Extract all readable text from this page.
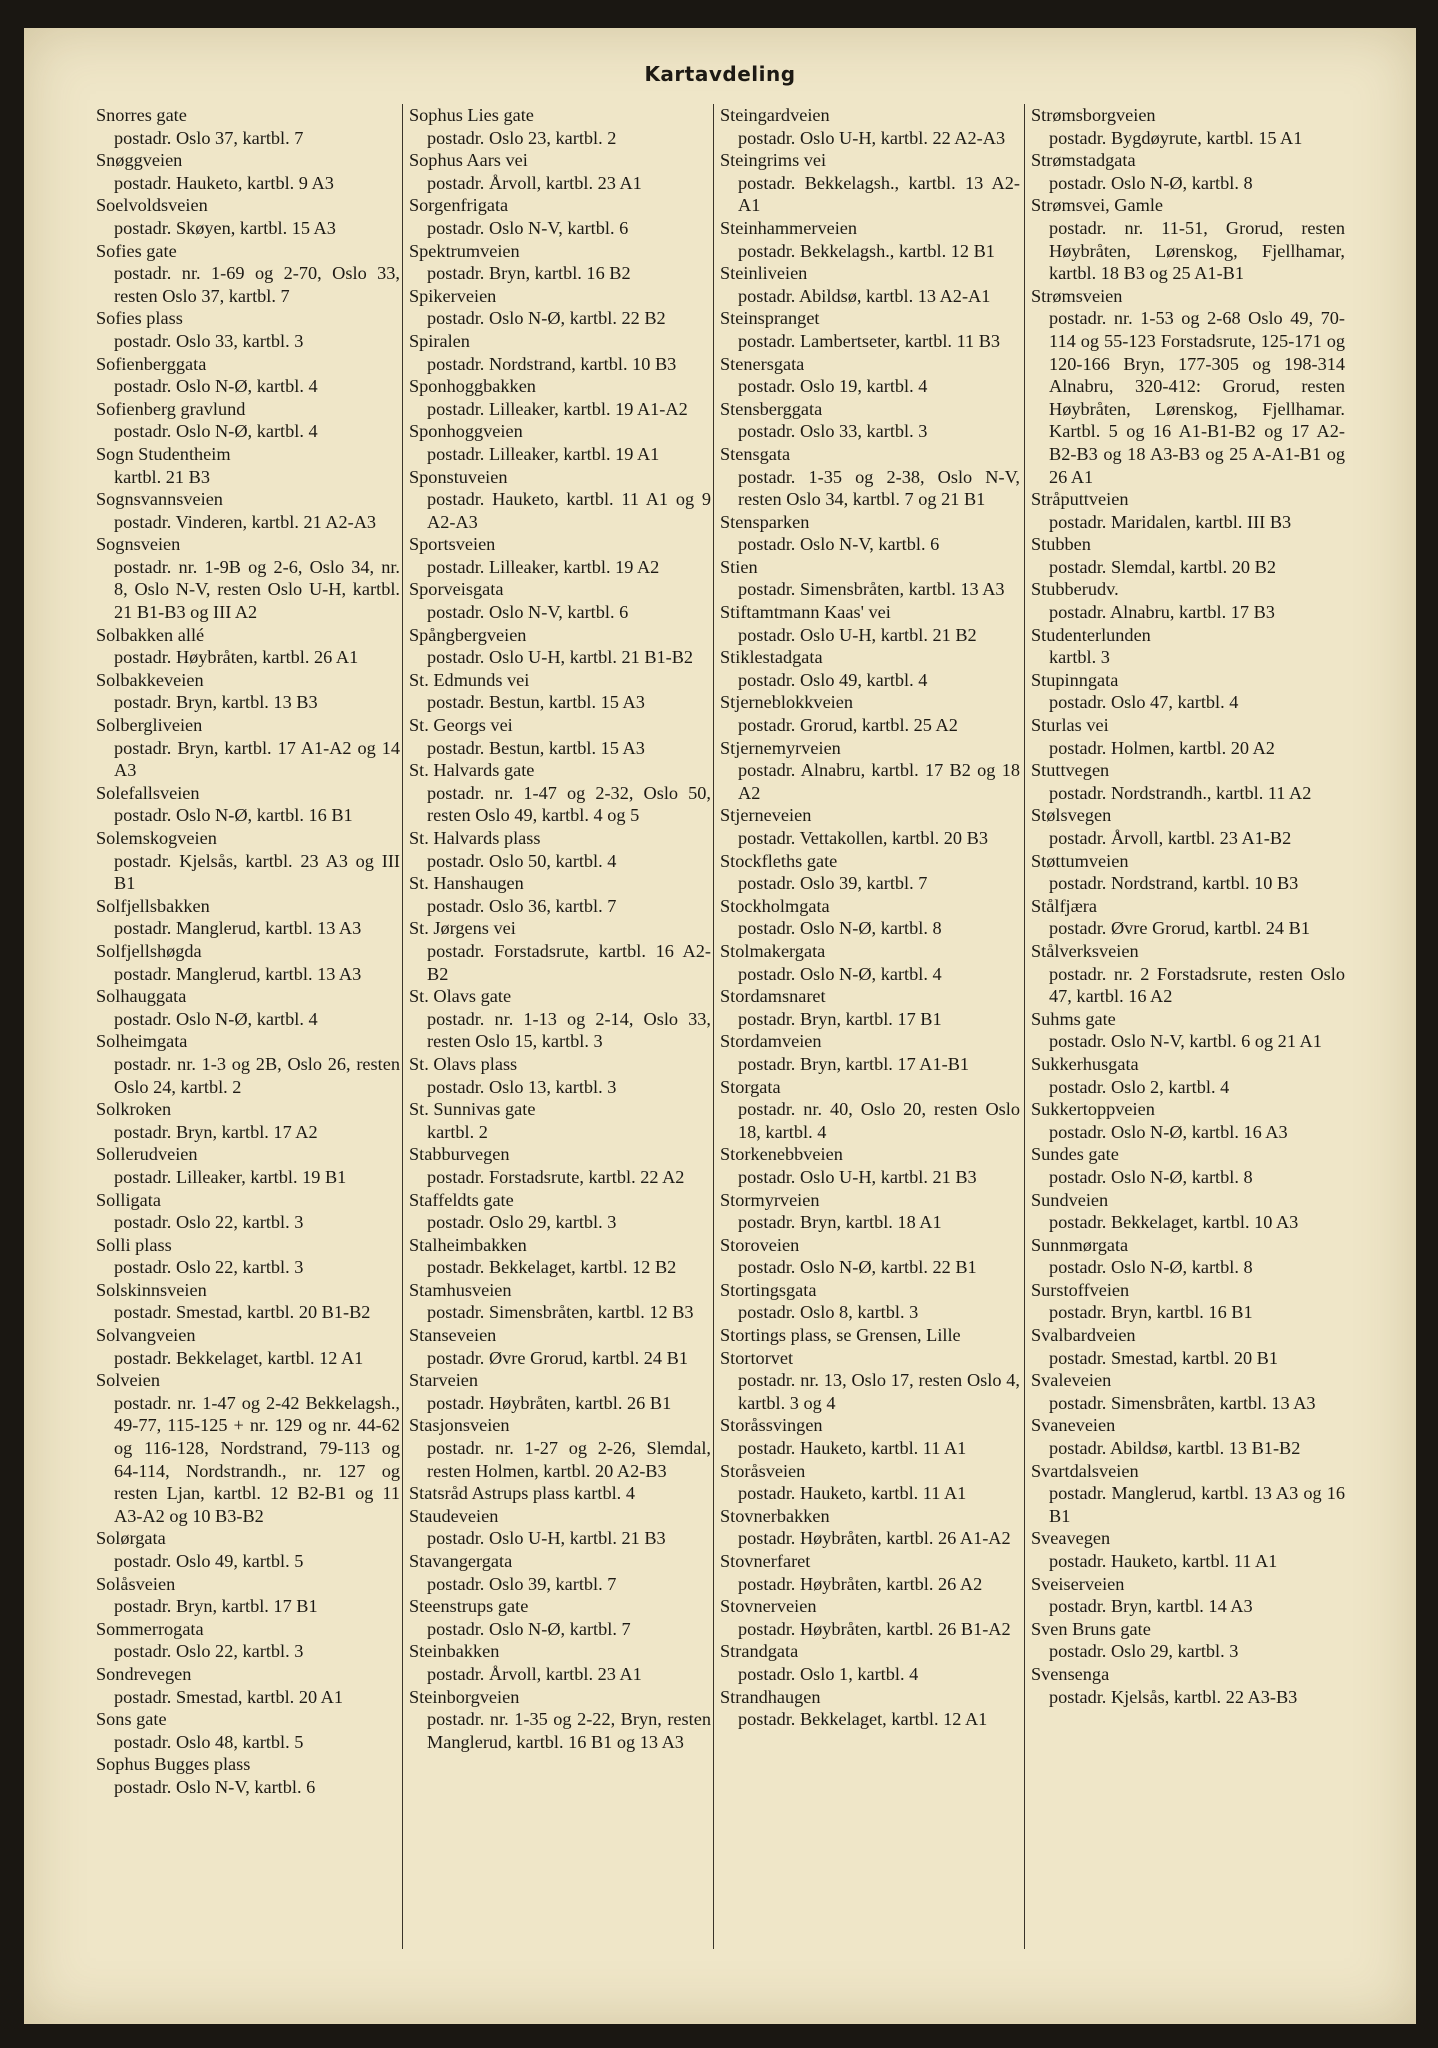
Kartavdeling
Snorres gate
postadr. Oslo 37, kartbl. 7
Snøggveien
postadr. Hauketo, kartbl. 9 A3
Soelvoldsveien
postadr. Skøyen, kartbl. 15 A3
Sofies gate
postadr. nr. 1-69 og 2-70, Oslo 33, resten Oslo 37, kartbl. 7
Sofies plass
postadr. Oslo 33, kartbl. 3
Sofienberggata
postadr. Oslo N-Ø, kartbl. 4
Sofienberg gravlund
postadr. Oslo N-Ø, kartbl. 4
Sogn Studentheim
kartbl. 21 B3
Sognsvannsveien
postadr. Vinderen, kartbl. 21 A2-A3
Sognsveien
postadr. nr. 1-9B og 2-6, Oslo 34, nr. 8, Oslo N-V, resten Oslo U-H, kartbl. 21 B1-B3 og III A2
Solbakken allé
postadr. Høybråten, kartbl. 26 A1
Solbakkeveien
postadr. Bryn, kartbl. 13 B3
Solbergliveien
postadr. Bryn, kartbl. 17 A1-A2 og 14 A3
Solefallsveien
postadr. Oslo N-Ø, kartbl. 16 B1
Solemskogveien
postadr. Kjelsås, kartbl. 23 A3 og III B1
Solfjellsbakken
postadr. Manglerud, kartbl. 13 A3
Solfjellshøgda
postadr. Manglerud, kartbl. 13 A3
Solhauggata
postadr. Oslo N-Ø, kartbl. 4
Solheimgata
postadr. nr. 1-3 og 2B, Oslo 26, resten Oslo 24, kartbl. 2
Solkroken
postadr. Bryn, kartbl. 17 A2
Sollerudveien
postadr. Lilleaker, kartbl. 19 B1
Solligata
postadr. Oslo 22, kartbl. 3
Solli plass
postadr. Oslo 22, kartbl. 3
Solskinnsveien
postadr. Smestad, kartbl. 20 B1-B2
Solvangveien
postadr. Bekkelaget, kartbl. 12 A1
Solveien
postadr. nr. 1-47 og 2-42 Bekkelagsh., 49-77, 115-125 + nr. 129 og nr. 44-62 og 116-128, Nordstrand, 79-113 og 64-114, Nordstrandh., nr. 127 og resten Ljan, kartbl. 12 B2-B1 og 11 A3-A2 og 10 B3-B2
Solørgata
postadr. Oslo 49, kartbl. 5
Solåsveien
postadr. Bryn, kartbl. 17 B1
Sommerrogata
postadr. Oslo 22, kartbl. 3
Sondrevegen
postadr. Smestad, kartbl. 20 A1
Sons gate
postadr. Oslo 48, kartbl. 5
Sophus Bugges plass
postadr. Oslo N-V, kartbl. 6
Sophus Lies gate
postadr. Oslo 23, kartbl. 2
Sophus Aars vei
postadr. Årvoll, kartbl. 23 A1
Sorgenfrigata
postadr. Oslo N-V, kartbl. 6
Spektrumveien
postadr. Bryn, kartbl. 16 B2
Spikerveien
postadr. Oslo N-Ø, kartbl. 22 B2
Spiralen
postadr. Nordstrand, kartbl. 10 B3
Sponhoggbakken
postadr. Lilleaker, kartbl. 19 A1-A2
Sponhoggveien
postadr. Lilleaker, kartbl. 19 A1
Sponstuveien
postadr. Hauketo, kartbl. 11 A1 og 9 A2-A3
Sportsveien
postadr. Lilleaker, kartbl. 19 A2
Sporveisgata
postadr. Oslo N-V, kartbl. 6
Spångbergveien
postadr. Oslo U-H, kartbl. 21 B1-B2
St. Edmunds vei
postadr. Bestun, kartbl. 15 A3
St. Georgs vei
postadr. Bestun, kartbl. 15 A3
St. Halvards gate
postadr. nr. 1-47 og 2-32, Oslo 50, resten Oslo 49, kartbl. 4 og 5
St. Halvards plass
postadr. Oslo 50, kartbl. 4
St. Hanshaugen
postadr. Oslo 36, kartbl. 7
St. Jørgens vei
postadr. Forstadsrute, kartbl. 16 A2-B2
St. Olavs gate
postadr. nr. 1-13 og 2-14, Oslo 33, resten Oslo 15, kartbl. 3
St. Olavs plass
postadr. Oslo 13, kartbl. 3
St. Sunnivas gate
kartbl. 2
Stabburvegen
postadr. Forstadsrute, kartbl. 22 A2
Staffeldts gate
postadr. Oslo 29, kartbl. 3
Stalheimbakken
postadr. Bekkelaget, kartbl. 12 B2
Stamhusveien
postadr. Simensbråten, kartbl. 12 B3
Stanseveien
postadr. Øvre Grorud, kartbl. 24 B1
Starveien
postadr. Høybråten, kartbl. 26 B1
Stasjonsveien
postadr. nr. 1-27 og 2-26, Slemdal, resten Holmen, kartbl. 20 A2-B3
Statsråd Astrups plass kartbl. 4
Staudeveien
postadr. Oslo U-H, kartbl. 21 B3
Stavangergata
postadr. Oslo 39, kartbl. 7
Steenstrups gate
postadr. Oslo N-Ø, kartbl. 7
Steinbakken
postadr. Årvoll, kartbl. 23 A1
Steinborgveien
postadr. nr. 1-35 og 2-22, Bryn, resten Manglerud, kartbl. 16 B1 og 13 A3
Steingardveien
postadr. Oslo U-H, kartbl. 22 A2-A3
Steingrims vei
postadr. Bekkelagsh., kartbl. 13 A2-A1
Steinhammerveien
postadr. Bekkelagsh., kartbl. 12 B1
Steinliveien
postadr. Abildsø, kartbl. 13 A2-A1
Steinspranget
postadr. Lambertseter, kartbl. 11 B3
Stenersgata
postadr. Oslo 19, kartbl. 4
Stensberggata
postadr. Oslo 33, kartbl. 3
Stensgata
postadr. 1-35 og 2-38, Oslo N-V, resten Oslo 34, kartbl. 7 og 21 B1
Stensparken
postadr. Oslo N-V, kartbl. 6
Stien
postadr. Simensbråten, kartbl. 13 A3
Stiftamtmann Kaas' vei
postadr. Oslo U-H, kartbl. 21 B2
Stiklestadgata
postadr. Oslo 49, kartbl. 4
Stjerneblokkveien
postadr. Grorud, kartbl. 25 A2
Stjernemyrveien
postadr. Alnabru, kartbl. 17 B2 og 18 A2
Stjerneveien
postadr. Vettakollen, kartbl. 20 B3
Stockfleths gate
postadr. Oslo 39, kartbl. 7
Stockholmgata
postadr. Oslo N-Ø, kartbl. 8
Stolmakergata
postadr. Oslo N-Ø, kartbl. 4
Stordamsnaret
postadr. Bryn, kartbl. 17 B1
Stordamveien
postadr. Bryn, kartbl. 17 A1-B1
Storgata
postadr. nr. 40, Oslo 20, resten Oslo 18, kartbl. 4
Storkenebbveien
postadr. Oslo U-H, kartbl. 21 B3
Stormyrveien
postadr. Bryn, kartbl. 18 A1
Storoveien
postadr. Oslo N-Ø, kartbl. 22 B1
Stortingsgata
postadr. Oslo 8, kartbl. 3
Stortings plass, se Grensen, Lille
Stortorvet
postadr. nr. 13, Oslo 17, resten Oslo 4, kartbl. 3 og 4
Storåssvingen
postadr. Hauketo, kartbl. 11 A1
Storåsveien
postadr. Hauketo, kartbl. 11 A1
Stovnerbakken
postadr. Høybråten, kartbl. 26 A1-A2
Stovnerfaret
postadr. Høybråten, kartbl. 26 A2
Stovnerveien
postadr. Høybråten, kartbl. 26 B1-A2
Strandgata
postadr. Oslo 1, kartbl. 4
Strandhaugen
postadr. Bekkelaget, kartbl. 12 A1
Strømsborgveien
postadr. Bygdøyrute, kartbl. 15 A1
Strømstadgata
postadr. Oslo N-Ø, kartbl. 8
Strømsvei, Gamle
postadr. nr. 11-51, Grorud, resten Høybråten, Lørenskog, Fjellhamar, kartbl. 18 B3 og 25 A1-B1
Strømsveien
postadr. nr. 1-53 og 2-68 Oslo 49, 70-114 og 55-123 Forstadsrute, 125-171 og 120-166 Bryn, 177-305 og 198-314 Alnabru, 320-412: Grorud, resten Høybråten, Lørenskog, Fjellhamar. Kartbl. 5 og 16 A1-B1-B2 og 17 A2-B2-B3 og 18 A3-B3 og 25 A-A1-B1 og 26 A1
Stråputtveien
postadr. Maridalen, kartbl. III B3
Stubben
postadr. Slemdal, kartbl. 20 B2
Stubberudv.
postadr. Alnabru, kartbl. 17 B3
Studenterlunden
kartbl. 3
Stupinngata
postadr. Oslo 47, kartbl. 4
Sturlas vei
postadr. Holmen, kartbl. 20 A2
Stuttvegen
postadr. Nordstrandh., kartbl. 11 A2
Stølsvegen
postadr. Årvoll, kartbl. 23 A1-B2
Støttumveien
postadr. Nordstrand, kartbl. 10 B3
Stålfjæra
postadr. Øvre Grorud, kartbl. 24 B1
Stålverksveien
postadr. nr. 2 Forstadsrute, resten Oslo 47, kartbl. 16 A2
Suhms gate
postadr. Oslo N-V, kartbl. 6 og 21 A1
Sukkerhusgata
postadr. Oslo 2, kartbl. 4
Sukkertoppveien
postadr. Oslo N-Ø, kartbl. 16 A3
Sundes gate
postadr. Oslo N-Ø, kartbl. 8
Sundveien
postadr. Bekkelaget, kartbl. 10 A3
Sunnmørgata
postadr. Oslo N-Ø, kartbl. 8
Surstoffveien
postadr. Bryn, kartbl. 16 B1
Svalbardveien
postadr. Smestad, kartbl. 20 B1
Svaleveien
postadr. Simensbråten, kartbl. 13 A3
Svaneveien
postadr. Abildsø, kartbl. 13 B1-B2
Svartdalsveien
postadr. Manglerud, kartbl. 13 A3 og 16 B1
Sveavegen
postadr. Hauketo, kartbl. 11 A1
Sveiserveien
postadr. Bryn, kartbl. 14 A3
Sven Bruns gate
postadr. Oslo 29, kartbl. 3
Svensenga
postadr. Kjelsås, kartbl. 22 A3-B3
